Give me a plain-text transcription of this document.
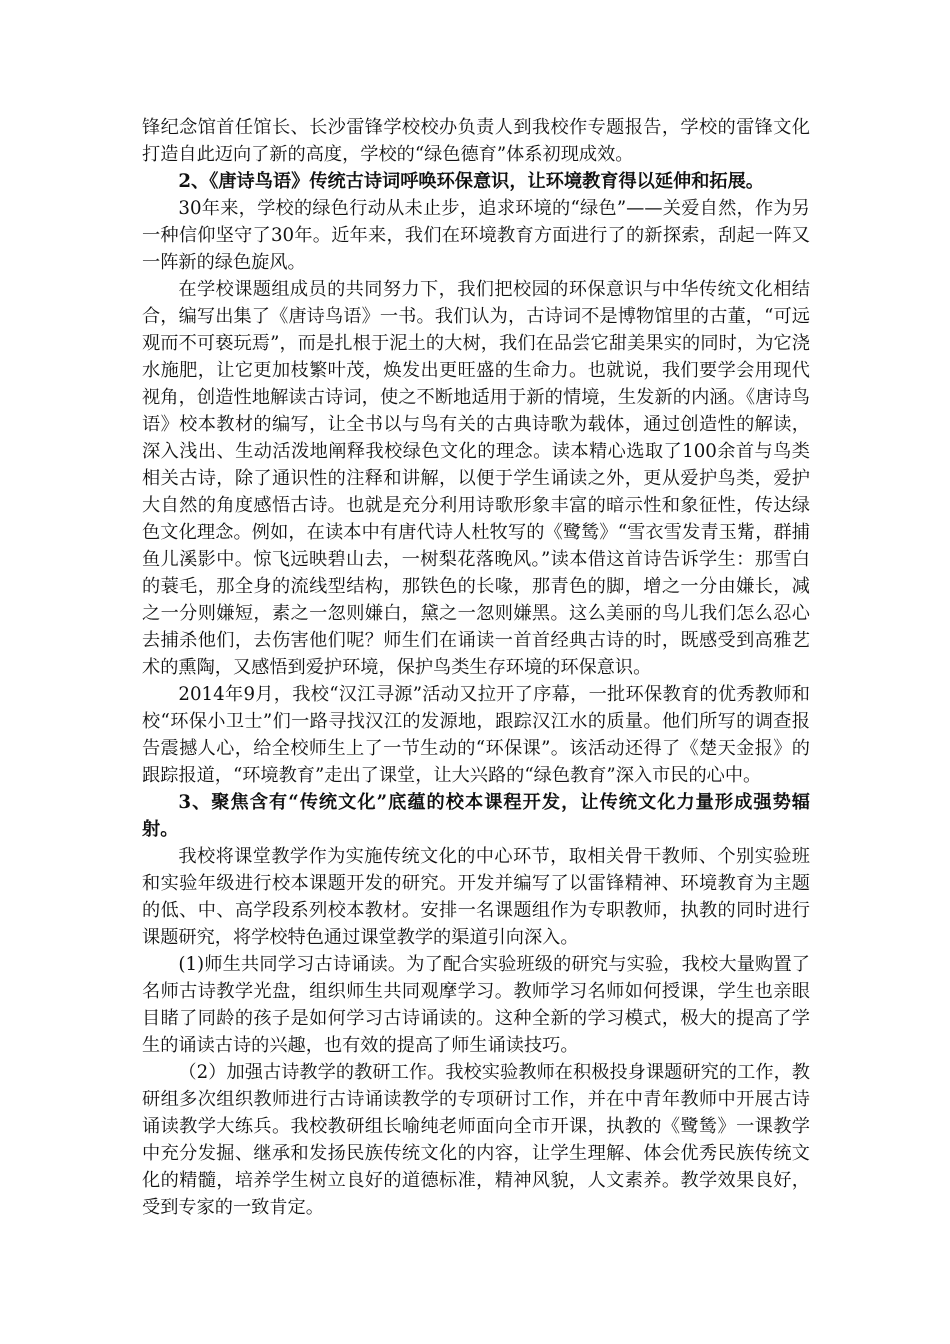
锋纪念馆首任馆长、长沙雷锋学校校办负责人到我校作专题报告，学校的雷锋文化打造自此迈向了新的高度，学校的“绿色德育”体系初现成效。

2、《唐诗鸟语》传统古诗词呼唤环保意识，让环境教育得以延伸和拓展。

30年来，学校的绿色行动从未止步，追求环境的“绿色”——关爱自然，作为另一种信仰坚守了30年。近年来，我们在环境教育方面进行了的新探索，刮起一阵又一阵新的绿色旋风。

在学校课题组成员的共同努力下，我们把校园的环保意识与中华传统文化相结合，编写出集了《唐诗鸟语》一书。我们认为，古诗词不是博物馆里的古董，“可远观而不可亵玩焉”，而是扎根于泥土的大树，我们在品尝它甜美果实的同时，为它浇水施肥，让它更加枝繁叶茂，焕发出更旺盛的生命力。也就说，我们要学会用现代视角，创造性地解读古诗词，使之不断地适用于新的情境，生发新的内涵。《唐诗鸟语》校本教材的编写，让全书以与鸟有关的古典诗歌为载体，通过创造性的解读，深入浅出、生动活泼地阐释我校绿色文化的理念。读本精心选取了100余首与鸟类相关古诗，除了通识性的注释和讲解，以便于学生诵读之外，更从爱护鸟类，爱护大自然的角度感悟古诗。也就是充分利用诗歌形象丰富的暗示性和象征性，传达绿色文化理念。例如，在读本中有唐代诗人杜牧写的《鹭鸶》“雪衣雪发青玉觜，群捕鱼儿溪影中。惊飞远映碧山去，一树梨花落晚风。”读本借这首诗告诉学生：那雪白的蓑毛，那全身的流线型结构，那铁色的长喙，那青色的脚，增之一分由嫌长，减之一分则嫌短，素之一忽则嫌白，黛之一忽则嫌黑。这么美丽的鸟儿我们怎么忍心去捕杀他们，去伤害他们呢？师生们在诵读一首首经典古诗的时，既感受到高雅艺术的熏陶，又感悟到爱护环境，保护鸟类生存环境的环保意识。

2014年9月，我校“汉江寻源”活动又拉开了序幕，一批环保教育的优秀教师和校“环保小卫士”们一路寻找汉江的发源地，跟踪汉江水的质量。他们所写的调查报告震撼人心，给全校师生上了一节生动的“环保课”。该活动还得了《楚天金报》的跟踪报道，“环境教育”走出了课堂，让大兴路的“绿色教育”深入市民的心中。

3、聚焦含有“传统文化”底蕴的校本课程开发，让传统文化力量形成强势辐射。

我校将课堂教学作为实施传统文化的中心环节，取相关骨干教师、个别实验班和实验年级进行校本课题开发的研究。开发并编写了以雷锋精神、环境教育为主题的低、中、高学段系列校本教材。安排一名课题组作为专职教师，执教的同时进行课题研究，将学校特色通过课堂教学的渠道引向深入。

(1)师生共同学习古诗诵读。为了配合实验班级的研究与实验，我校大量购置了名师古诗教学光盘，组织师生共同观摩学习。教师学习名师如何授课，学生也亲眼目睹了同龄的孩子是如何学习古诗诵读的。这种全新的学习模式，极大的提高了学生的诵读古诗的兴趣，也有效的提高了师生诵读技巧。

（2）加强古诗教学的教研工作。我校实验教师在积极投身课题研究的工作，教研组多次组织教师进行古诗诵读教学的专项研讨工作，并在中青年教师中开展古诗诵读教学大练兵。我校教研组长喻纯老师面向全市开课，执教的《鹭鸶》一课教学中充分发掘、继承和发扬民族传统文化的内容，让学生理解、体会优秀民族传统文化的精髓，培养学生树立良好的道德标准，精神风貌，人文素养。教学效果良好，受到专家的一致肯定。
